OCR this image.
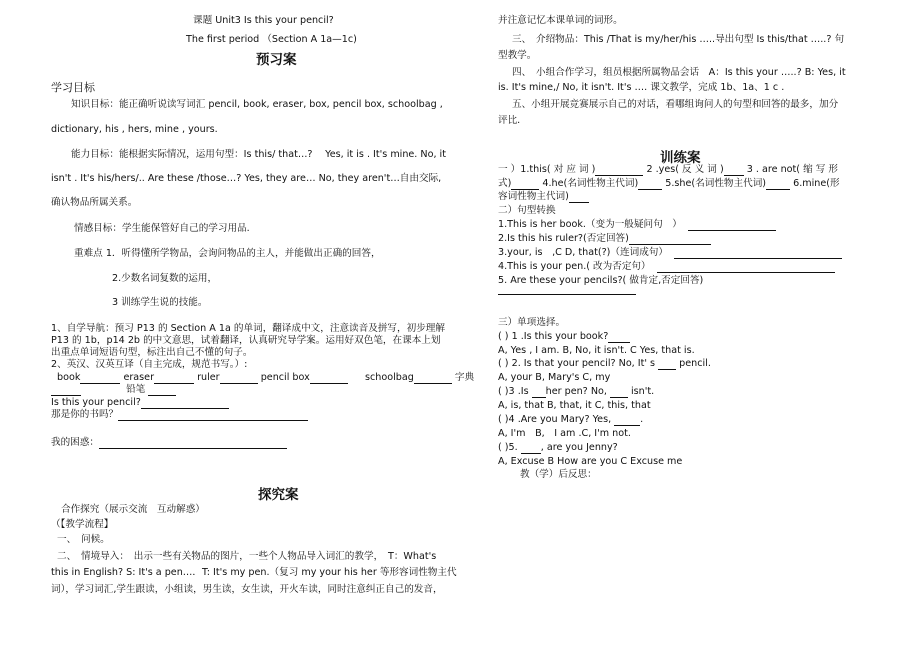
课题 Unit3 Is this your pencil?
The first period （Section A 1a—1c)
预习案
学习目标
知识目标：能正确听说读写词汇 pencil, book, eraser, box, pencil box, schoolbag ,
dictionary, his , hers, mine , yours.
能力目标：能根据实际情况，运用句型：Is this/ that…?　 Yes, it is . It's mine. No, it
isn't . It's his/hers/.. Are these /those…? Yes, they are… No, they aren't…自由交际,
确认物品所属关系。
情感目标：学生能保管好自己的学习用品.
重难点 1．听得懂所学物品，会询问物品的主人，并能做出正确的回答，
2.少数名词复数的运用，
3 训练学生说的技能。
1、自学导航：预习 P13 的 Section A 1a 的单词，翻译成中文，注意读音及拼写，初步理解
P13 的 1b，p14 2b 的中文意思，试着翻译，认真研究导学案。运用好双色笔，在课本上划
出重点单词短语句型，标注出自己不懂的句子。
2、英汉、汉英互译（自主完成，规范书写。）:
book	eraser	ruler	pencil box	schoolbag	字典
铅笔
Is this your pencil?
那是你的书吗？
我的困惑：
探究案
合作探究（展示交流　互动解惑）
（【教学流程】
一、　问候。
二、　情境导入：　出示一些有关物品的图片，一些个人物品导入词汇的教学，　T：What's
this in English? S: It's a pen…．T: It's my pen.（复习 my your his her 等形容词性物主代
词），学习词汇,学生跟读，小组读，男生读，女生读，开火车读，同时注意纠正自己的发音，
并注意记忆本课单词的词形。
三、　介绍物品：This /That is my/her/his …..导出句型 Is this/that …..? 句
型教学。
四、　小组合作学习，组员根据所属物品会话　A：Is this your …..? B: Yes, it
is. It's mine,/ No, it isn't. It's …. 课文教学，完成 1b、1a、1 c .
五、小组开展竞赛展示自己的对话，看哪组询问人的句型和回答的最多，加分
评比.
训练案
一 ）1.this( 对 应 词 )	2 .yes( 反 义 词 ) 3 . are not( 缩 写 形
式)	4.he(名词性物主代词)	5.she(名词性物主代词)	6.mine(形
容词性物主代词)
二）句型转换
1.This is her book.（变为一般疑问句　）
2.Is this his ruler?(否定回答)
3.your, is　,C D, that(?)（连词成句）
4.This is your pen.( 改为否定句）
5. Are these your pencils?( 做肯定,否定回答)
三）单项选择。
( ) 1 .Is this your book?
A, Yes , I am. B, No, it isn't. C Yes, that is.
( ) 2. Is that your pencil? No, It' s  pencil.
A, your B, Mary's C, my
( )3 .Is her pen? No,  isn't.
A, is, that B, that, it C, this, that
( )4 .Are you Mary? Yes,	.
A, I'm　B,　I am .C, I'm not.
( )5. , are you Jenny?
A, Excuse B How are you C Excuse me
教（学）后反思：
